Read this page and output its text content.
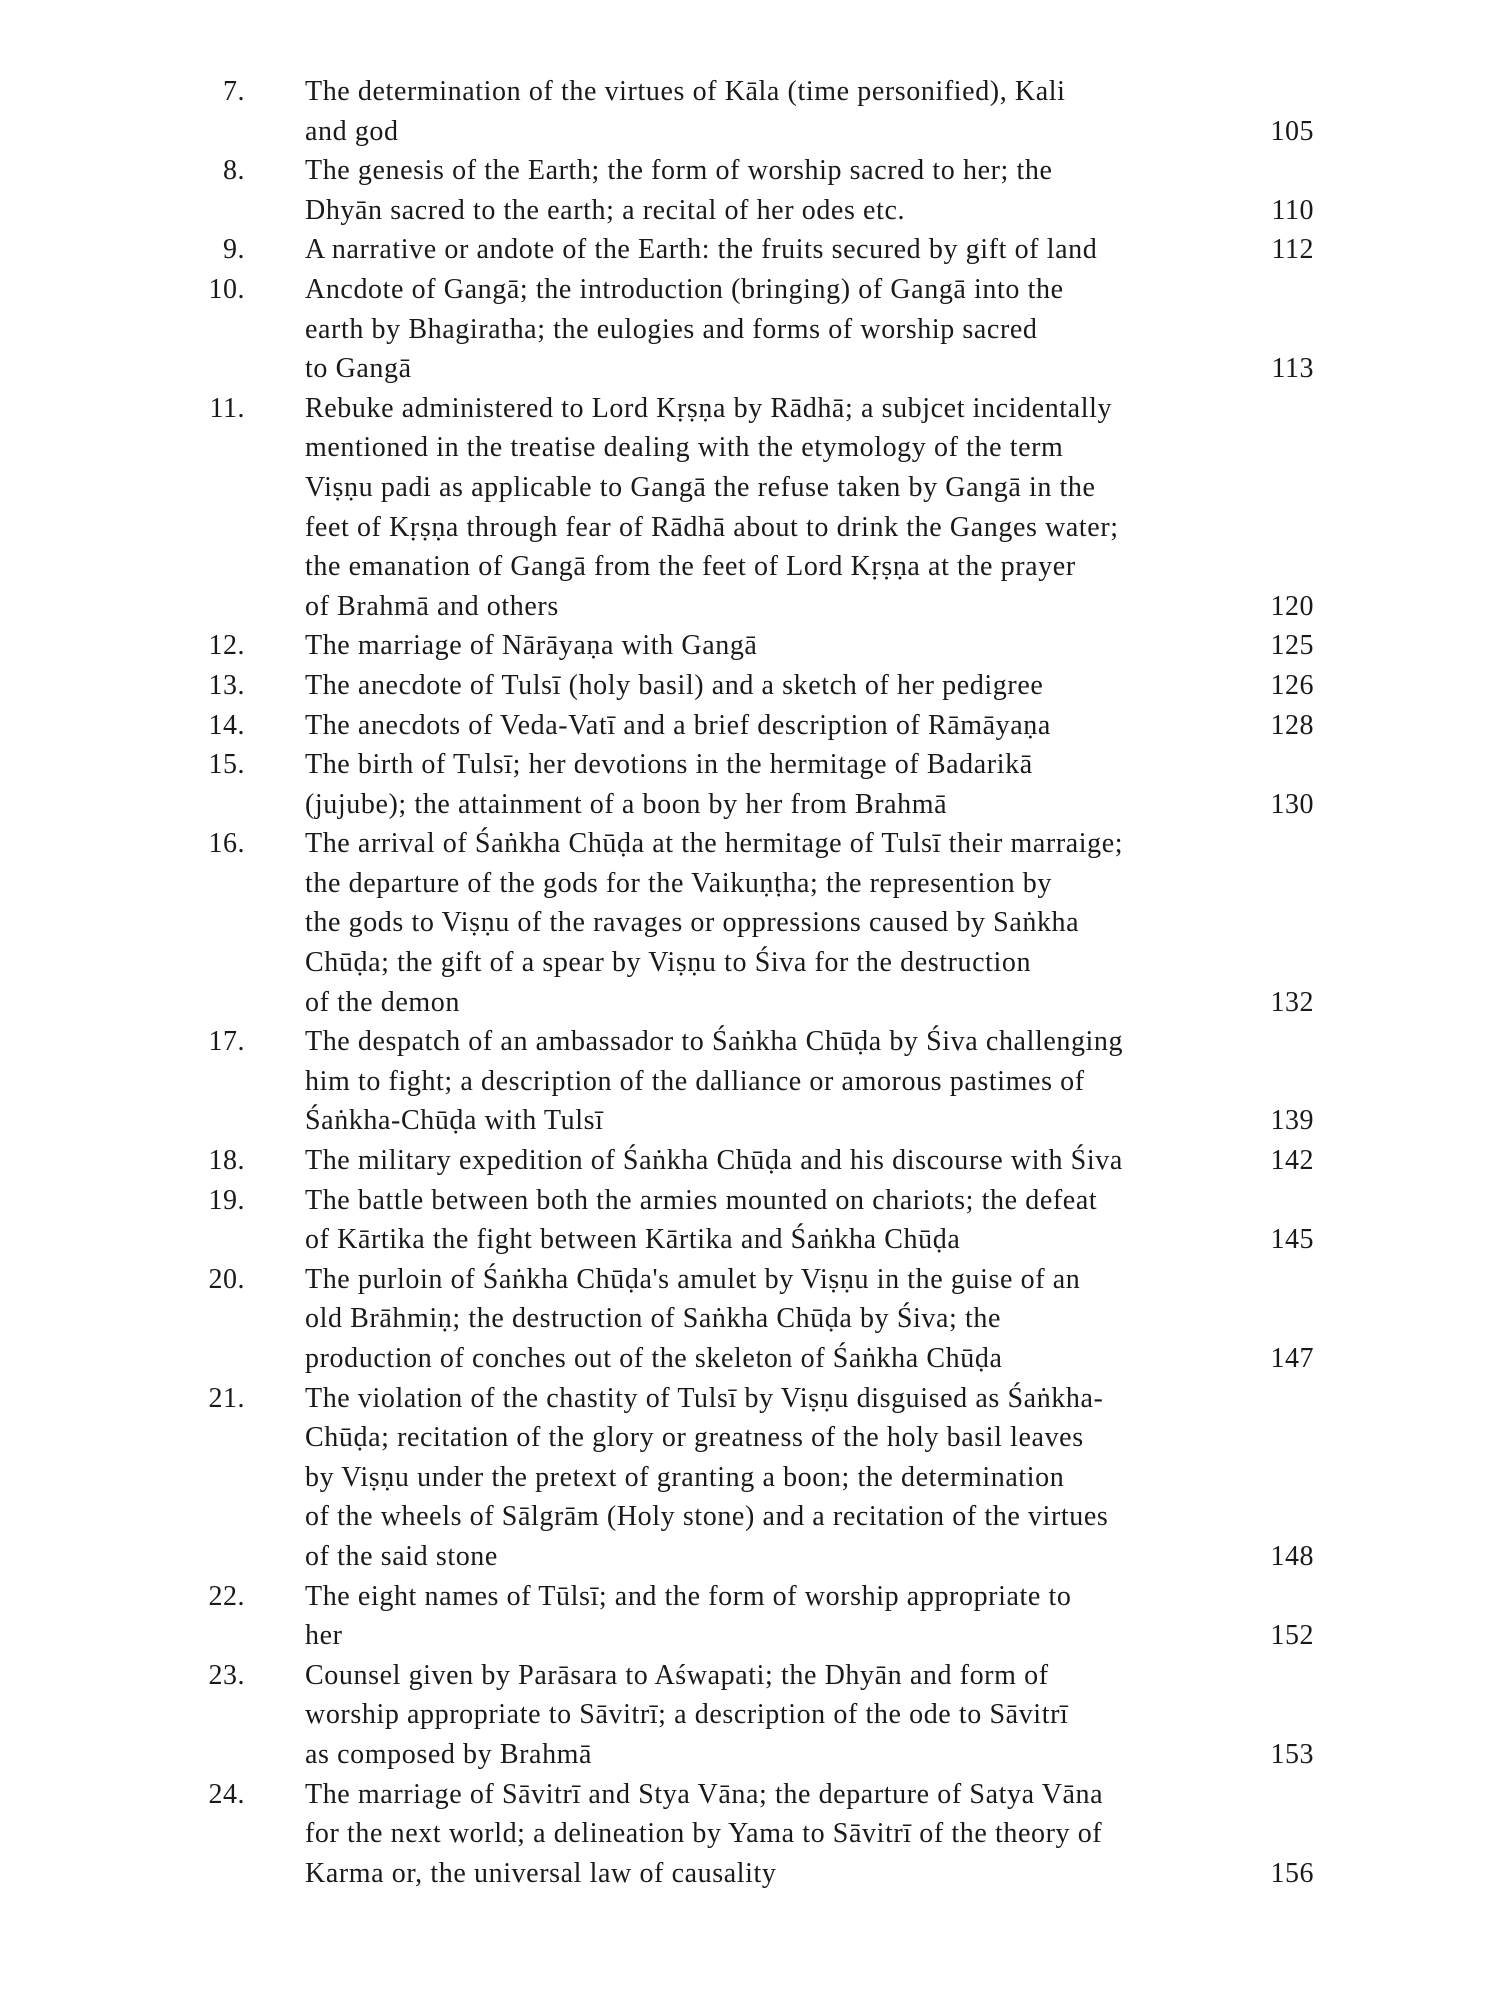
7. The determination of the virtues of Kāla (time personified), Kali
and god	105
8. The genesis of the Earth; the form of worship sacred to her; the
Dhyān sacred to the earth; a recital of her odes etc.	110
9. A narrative or andote of the Earth: the fruits secured by gift of land	112
10. Ancdote of Gangā; the introduction (bringing) of Gangā into the
earth by Bhagiratha; the eulogies and forms of worship sacred
to Gangā	113
11. Rebuke administered to Lord Kṛṣṇa by Rādhā; a subjcet incidentally
mentioned in the treatise dealing with the etymology of the term
Viṣṇu padi as applicable to Gangā the refuse taken by Gangā in the
feet of Kṛṣṇa through fear of Rādhā about to drink the Ganges water;
the emanation of Gangā from the feet of Lord Kṛṣṇa at the prayer
of Brahmā and others	120
12. The marriage of Nārāyaṇa with Gangā	125
13. The anecdote of Tulsī (holy basil) and a sketch of her pedigree	126
14. The anecdots of Veda-Vatī and a brief description of Rāmāyaṇa	128
15. The birth of Tulsī; her devotions in the hermitage of Badarikā
(jujube); the attainment of a boon by her from Brahmā	130
16. The arrival of Śaṅkha Chūḍa at the hermitage of Tulsī their marraige;
the departure of the gods for the Vaikuṇṭha; the represention by
the gods to Viṣṇu of the ravages or oppressions caused by Saṅkha
Chūḍa; the gift of a spear by Viṣṇu to Śiva for the destruction
of the demon	132
17. The despatch of an ambassador to Śaṅkha Chūḍa by Śiva challenging
him to fight; a description of the dalliance or amorous pastimes of
Śaṅkha-Chūḍa with Tulsī	139
18. The military expedition of Śaṅkha Chūḍa and his discourse with Śiva	142
19. The battle between both the armies mounted on chariots; the defeat
of Kārtika the fight between Kārtika and Śaṅkha Chūḍa	145
20. The purloin of Śaṅkha Chūḍa's amulet by Viṣṇu in the guise of an
old Brāhmiṇ; the destruction of Saṅkha Chūḍa by Śiva; the
production of conches out of the skeleton of Śaṅkha Chūḍa	147
21. The violation of the chastity of Tulsī by Viṣṇu disguised as Śaṅkha-
Chūḍa; recitation of the glory or greatness of the holy basil leaves
by Viṣṇu under the pretext of granting a boon; the determination
of the wheels of Sālgrām (Holy stone) and a recitation of the virtues
of the said stone	148
22. The eight names of Tūlsī; and the form of worship appropriate to
her	152
23. Counsel given by Parāsara to Aśwapati; the Dhyān and form of
worship appropriate to Sāvitrī; a description of the ode to Sāvitrī
as composed by Brahmā	153
24. The marriage of Sāvitrī and Stya Vāna; the departure of Satya Vāna
for the next world; a delineation by Yama to Sāvitrī of the theory of
Karma or, the universal law of causality	156
